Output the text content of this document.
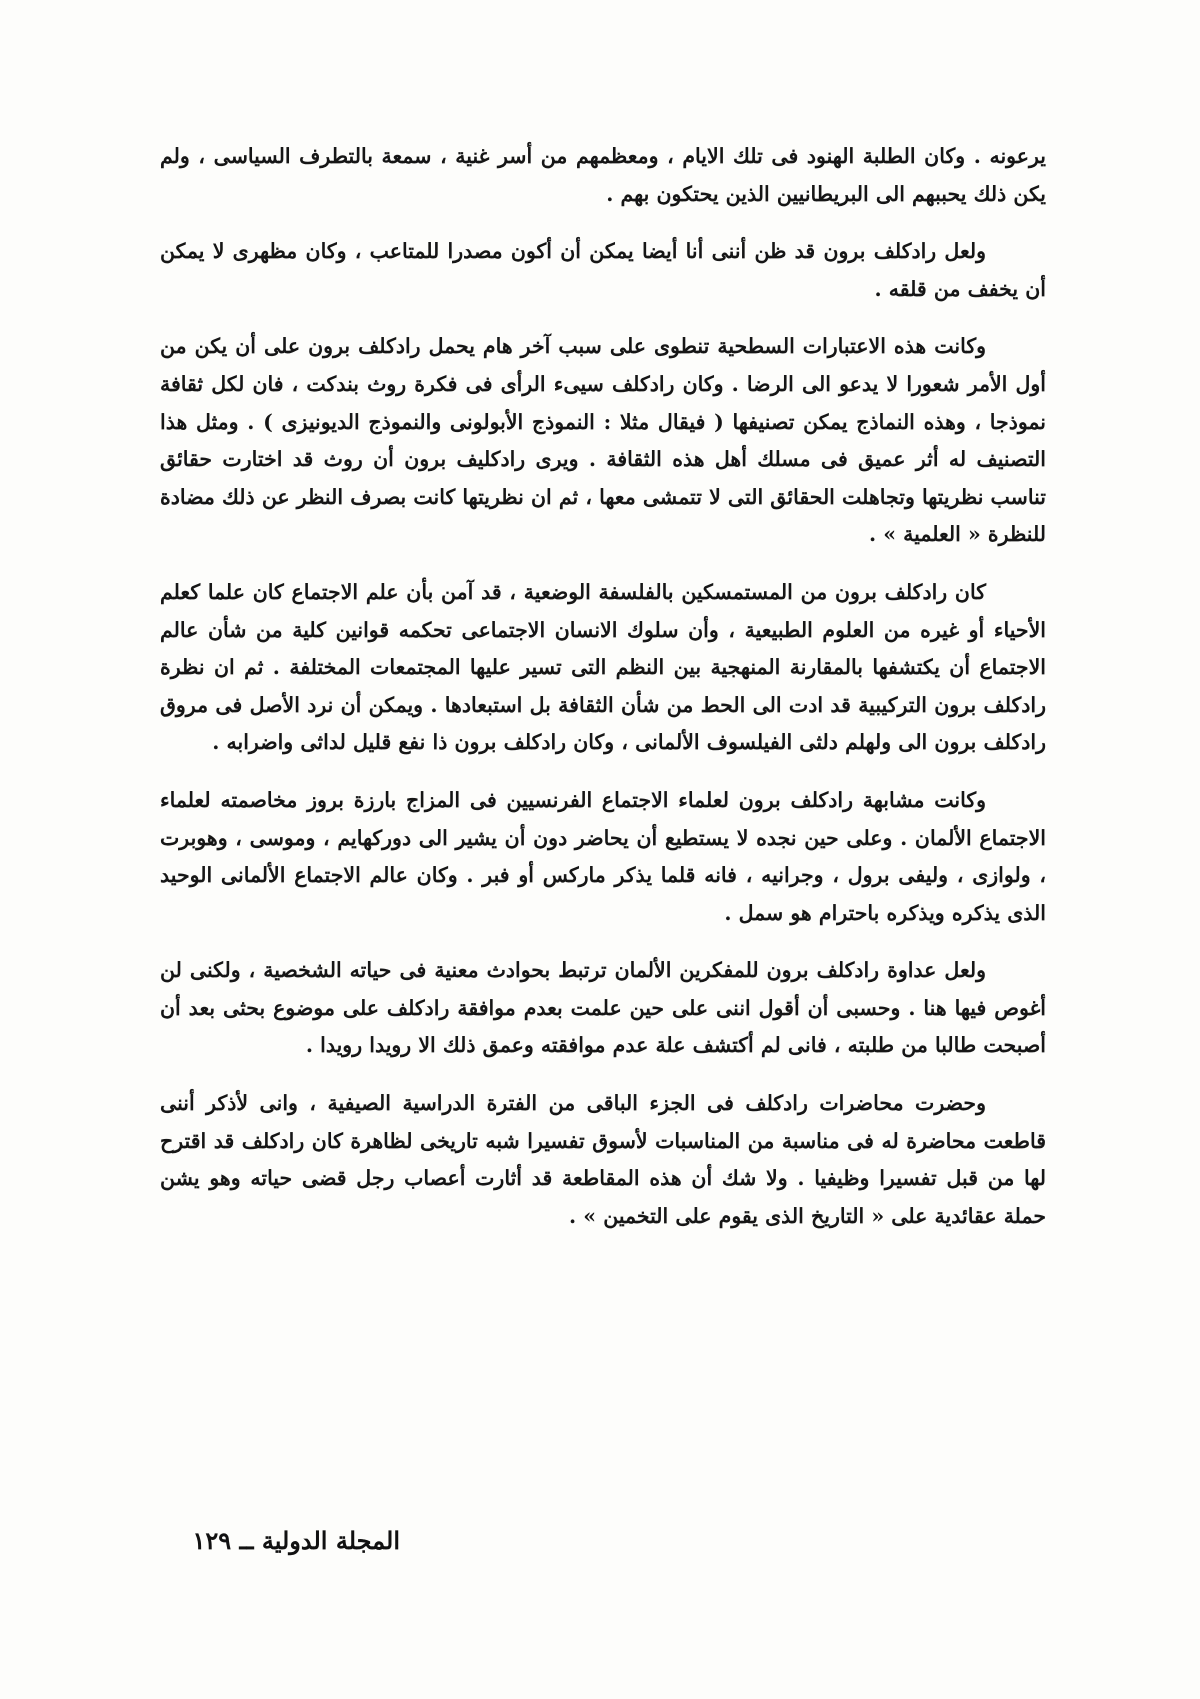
يرعونه . وكان الطلبة الهنود فى تلك الايام ، ومعظمهم من أسر غنية ، سمعة بالتطرف السياسى ، ولم يكن ذلك يحببهم الى البريطانيين الذين يحتكون بهم .

ولعل رادكلف برون قد ظن أننى أنا أيضا يمكن أن أكون مصدرا للمتاعب ، وكان مظهرى لا يمكن أن يخفف من قلقه .

وكانت هذه الاعتبارات السطحية تنطوى على سبب آخر هام يحمل رادكلف برون على أن يكن من أول الأمر شعورا لا يدعو الى الرضا . وكان رادكلف سيىء الرأى فى فكرة روث بندكت ، فان لكل ثقافة نموذجا ، وهذه النماذج يمكن تصنيفها ( فيقال مثلا : النموذج الأبولونى والنموذج الديونيزى ) . ومثل هذا التصنيف له أثر عميق فى مسلك أهل هذه الثقافة . ويرى رادكليف برون أن روث قد اختارت حقائق تناسب نظريتها وتجاهلت الحقائق التى لا تتمشى معها ، ثم ان نظريتها كانت بصرف النظر عن ذلك مضادة للنظرة « العلمية » .

كان رادكلف برون من المستمسكين بالفلسفة الوضعية ، قد آمن بأن علم الاجتماع كان علما كعلم الأحياء أو غيره من العلوم الطبيعية ، وأن سلوك الانسان الاجتماعى تحكمه قوانين كلية من شأن عالم الاجتماع أن يكتشفها بالمقارنة المنهجية بين النظم التى تسير عليها المجتمعات المختلفة . ثم ان نظرة رادكلف برون التركيبية قد ادت الى الحط من شأن الثقافة بل استبعادها . ويمكن أن نرد الأصل فى مروق رادكلف برون الى ولهلم دلثى الفيلسوف الألمانى ، وكان رادكلف برون ذا نفع قليل لداثى واضرابه .

وكانت مشابهة رادكلف برون لعلماء الاجتماع الفرنسيين فى المزاج بارزة بروز مخاصمته لعلماء الاجتماع الألمان . وعلى حين نجده لا يستطيع أن يحاضر دون أن يشير الى دوركهايم ، وموسى ، وهوبرت ، ولوازى ، وليفى برول ، وجرانيه ، فانه قلما يذكر ماركس أو فبر . وكان عالم الاجتماع الألمانى الوحيد الذى يذكره ويذكره باحترام هو سمل .

ولعل عداوة رادكلف برون للمفكرين الألمان ترتبط بحوادث معنية فى حياته الشخصية ، ولكنى لن أغوص فيها هنا . وحسبى أن أقول اننى على حين علمت بعدم موافقة رادكلف على موضوع بحثى بعد أن أصبحت طالبا من طلبته ، فانى لم أكتشف علة عدم موافقته وعمق ذلك الا رويدا رويدا .

وحضرت محاضرات رادكلف فى الجزء الباقى من الفترة الدراسية الصيفية ، وانى لأذكر أننى قاطعت محاضرة له فى مناسبة من المناسبات لأسوق تفسيرا شبه تاريخى لظاهرة كان رادكلف قد اقترح لها من قبل تفسيرا وظيفيا . ولا شك أن هذه المقاطعة قد أثارت أعصاب رجل قضى حياته وهو يشن حملة عقائدية على « التاريخ الذى يقوم على التخمين » .

المجلة الدولية ــ ١٢٩
